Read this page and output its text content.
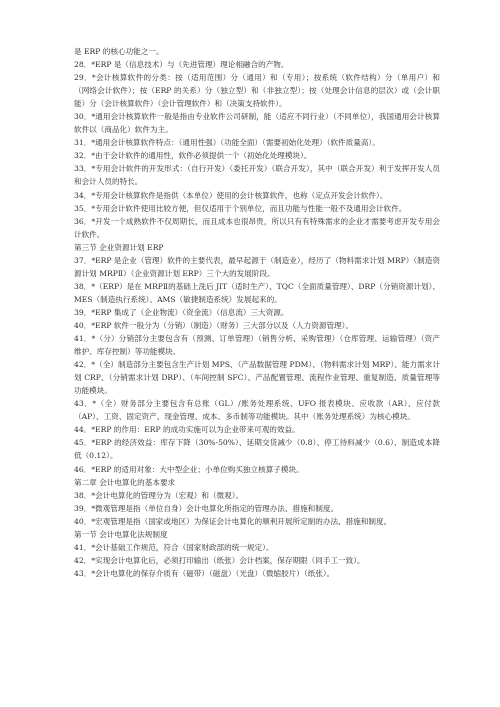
是 ERP 的核心功能之一。

28．*ERP 是（信息技术）与（先进管理）理论相融合的产物。

29．*会计核算软件的分类：按（适用范围）分（通用）和（专用）；按系统（软件结构）分（单用户）和（网络会计软件）；按（ERP 的关系）分（独立型）和（非独立型）；按（处理会计信息的层次）或（会计职能）分（会计核算软件）（会计管理软件）和（决策支持软件）。

30．*通用会计核算软件一般是指由专业软件公司研制，能（适应不同行业）（不同单位），我国通用会计核算软件以（商品化）软件为主。

31．*通用会计核算软件特点：（通用性强）（功能全面）（需要初始化处理）（软件质量高）。

32．*由于会计软件的通用性，软件必须提供一个（初始化处理模块）。

33．*专用会计软件的开发形式：（自行开发）（委托开发）（联合开发），其中（联合开发）利于发挥开发人员和会计人员的特长。

34．*专用会计核算软件是指供（本单位）使用的会计核算软件，也称（定点开发会计软件）。

35．*专用会计软件使用比较方便，但仅适用于个别单位，而且功能与性能一般不及通用会计软件。

36．*开发一个成熟软件不仅周期长，而且成本也很昂贵，所以只有有特殊需求的企业才需要考虑开发专用会计软件。

第三节 企业资源计划 ERP

37．*ERP 是企业（管理）软件的主要代表，最早起源于（制造业），经历了（物料需求计划 MRP）（制造资源计划 MRPⅡ）（企业资源计划 ERP）三个大的发展阶段。

38．*（ERP）是在 MRPⅡ的基础上洗后 JIT（适时生产）、TQC（全面质量管理）、DRP（分销资源计划）、MES（制造执行系统）、AMS（敏捷制造系统）发展起来的。

39．*ERP 集成了（企业物流）（资金流）（信息流）三大资源。

40．*ERP 软件一般分为（分销）（制造）（财务）三大部分以及（人力资源管理）。

41．*（分）分销部分主要包含有（预测、订单管理）（销售分析、采购管理）（仓库管理、运输管理）（资产维护、库存控制）等功能模块。

42．*（全）制造部分主要包含生产计划 MPS、（产品数据管理 PDM）、（物料需求计划 MRP）、能力需求计划 CRP、（分销需求计划 DRP）、（车间控制 SFC）、产品配置管理、流程作业管理、重复制造、质量管理等功能模块。

43．*（全）财务部分主要包含有总账（GL）/账务处理系统、UFO 报表模块、应收款（AR）、应付款（AP）、工资、固定资产、现金管理、成本、多币制等功能模块。其中（账务处理系统）为核心模块。

44．*ERP 的作用：ERP 的成功实施可以为企业带来可观的效益。

45．*ERP 的经济效益：库存下降（30%-50%）、延期交货减少（0.8）、停工待料减少（0.6）、制造成本降低（0.12）。

46．*ERP 的适用对象：大中型企业；小单位购买独立核算子模块。

第二章 会计电算化的基本要求

38．*会计电算化的管理分为（宏观）和（微观）。

39．*微观管理是指（单位自身）会计电算化所指定的管理办法、措施和制度。

40．*宏观管理是指（国家或地区）为保证会计电算化的顺利开展所定制的办法、措施和制度。

第一节 会计电算化法规制度

41．*会计基础工作规范，符合（国家财政部的统一规定）。

42．*实现会计电算化后，必须打印输出（纸张）会计档案，保存期限（同手工一致）。

43．*会计电算化的保存介质有（磁带）（磁盘）（光盘）（微缩胶片）（纸张）。
